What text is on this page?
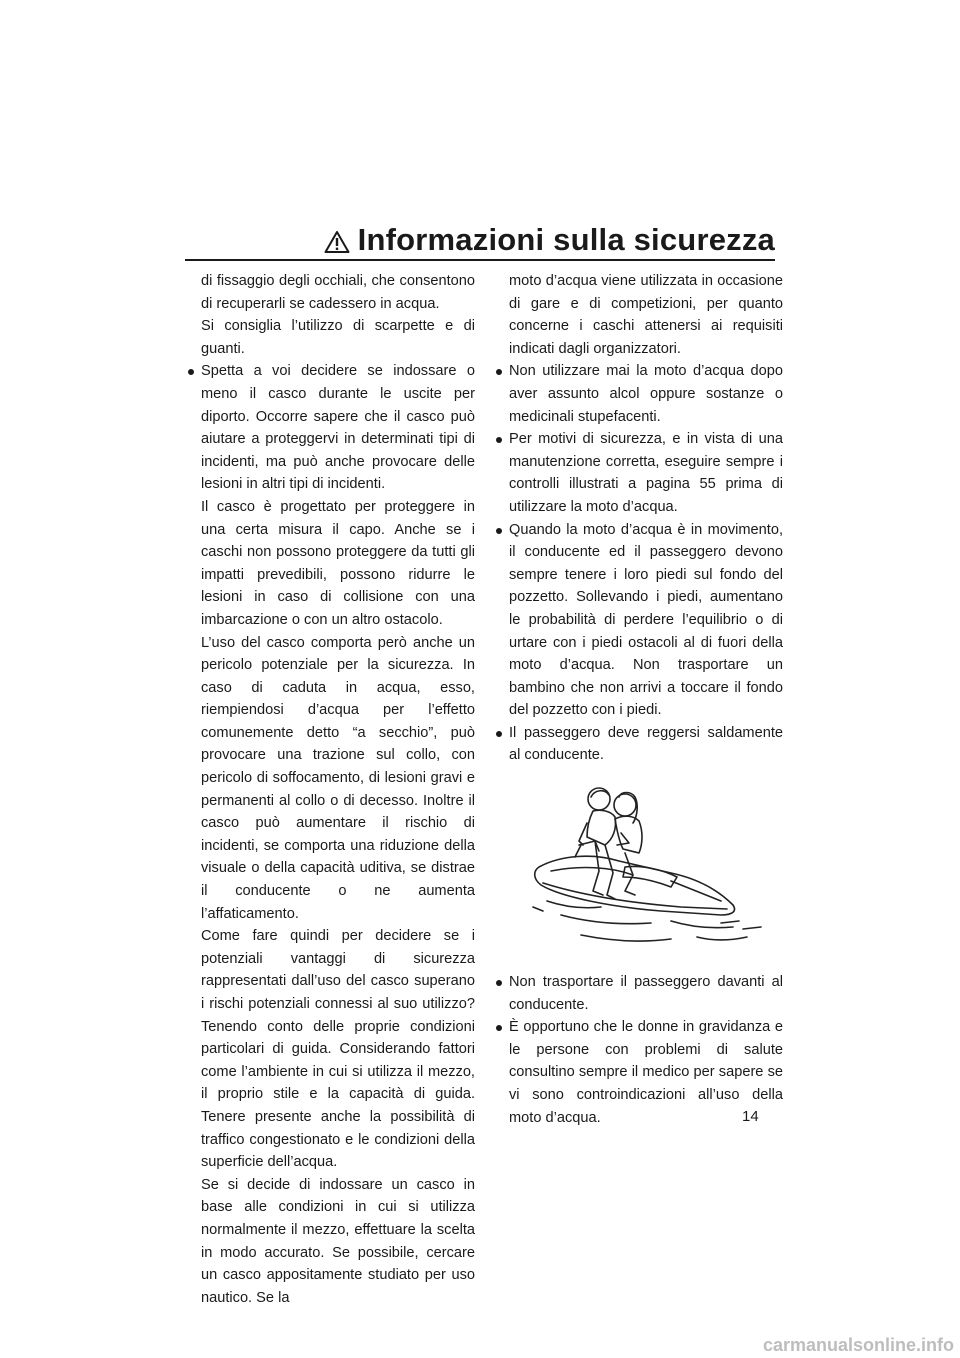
Informazioni sulla sicurezza

di fissaggio degli occhiali, che consentono di recuperarli se cadessero in acqua.

Si consiglia l’utilizzo di scarpette e di guanti.

Spetta a voi decidere se indossare o meno il casco durante le uscite per diporto. Occorre sapere che il casco può aiutare a proteggervi in determinati tipi di incidenti, ma può anche provocare delle lesioni in altri tipi di incidenti.

Il casco è progettato per proteggere in una certa misura il capo. Anche se i caschi non possono proteggere da tutti gli impatti prevedibili, possono ridurre le lesioni in caso di collisione con una imbarcazione o con un altro ostacolo.

L’uso del casco comporta però anche un pericolo potenziale per la sicurezza. In caso di caduta in acqua, esso, riempiendosi d’acqua per l’effetto comunemente detto “a secchio”, può provocare una trazione sul collo, con pericolo di soffocamento, di lesioni gravi e permanenti al collo o di decesso. Inoltre il casco può aumentare il rischio di incidenti, se comporta una riduzione della visuale o della capacità uditiva, se distrae il conducente o ne aumenta l’affaticamento.

Come fare quindi per decidere se i potenziali vantaggi di sicurezza rappresentati dall’uso del casco superano i rischi potenziali connessi al suo utilizzo? Tenendo conto delle proprie condizioni particolari di guida. Considerando fattori come l’ambiente in cui si utilizza il mezzo, il proprio stile e la capacità di guida. Tenere presente anche la possibilità di traffico congestionato e le condizioni della superficie dell’acqua.

Se si decide di indossare un casco in base alle condizioni in cui si utilizza normalmente il mezzo, effettuare la scelta in modo accurato. Se possibile, cercare un casco appositamente studiato per uso nautico. Se la

moto d’acqua viene utilizzata in occasione di gare e di competizioni, per quanto concerne i caschi attenersi ai requisiti indicati dagli organizzatori.

Non utilizzare mai la moto d’acqua dopo aver assunto alcol oppure sostanze o medicinali stupefacenti.

Per motivi di sicurezza, e in vista di una manutenzione corretta, eseguire sempre i controlli illustrati a pagina 55 prima di utilizzare la moto d’acqua.

Quando la moto d’acqua è in movimento, il conducente ed il passeggero devono sempre tenere i loro piedi sul fondo del pozzetto. Sollevando i piedi, aumentano le probabilità di perdere l’equilibrio o di urtare con i piedi ostacoli al di fuori della moto d’acqua. Non trasportare un bambino che non arrivi a toccare il fondo del pozzetto con i piedi.

Il passeggero deve reggersi saldamente al conducente.

Non trasportare il passeggero davanti al conducente.

È opportuno che le donne in gravidanza e le persone con problemi di salute consultino sempre il medico per sapere se vi sono controindicazioni all’uso della moto d’acqua.	14
carmanualsonline.info
